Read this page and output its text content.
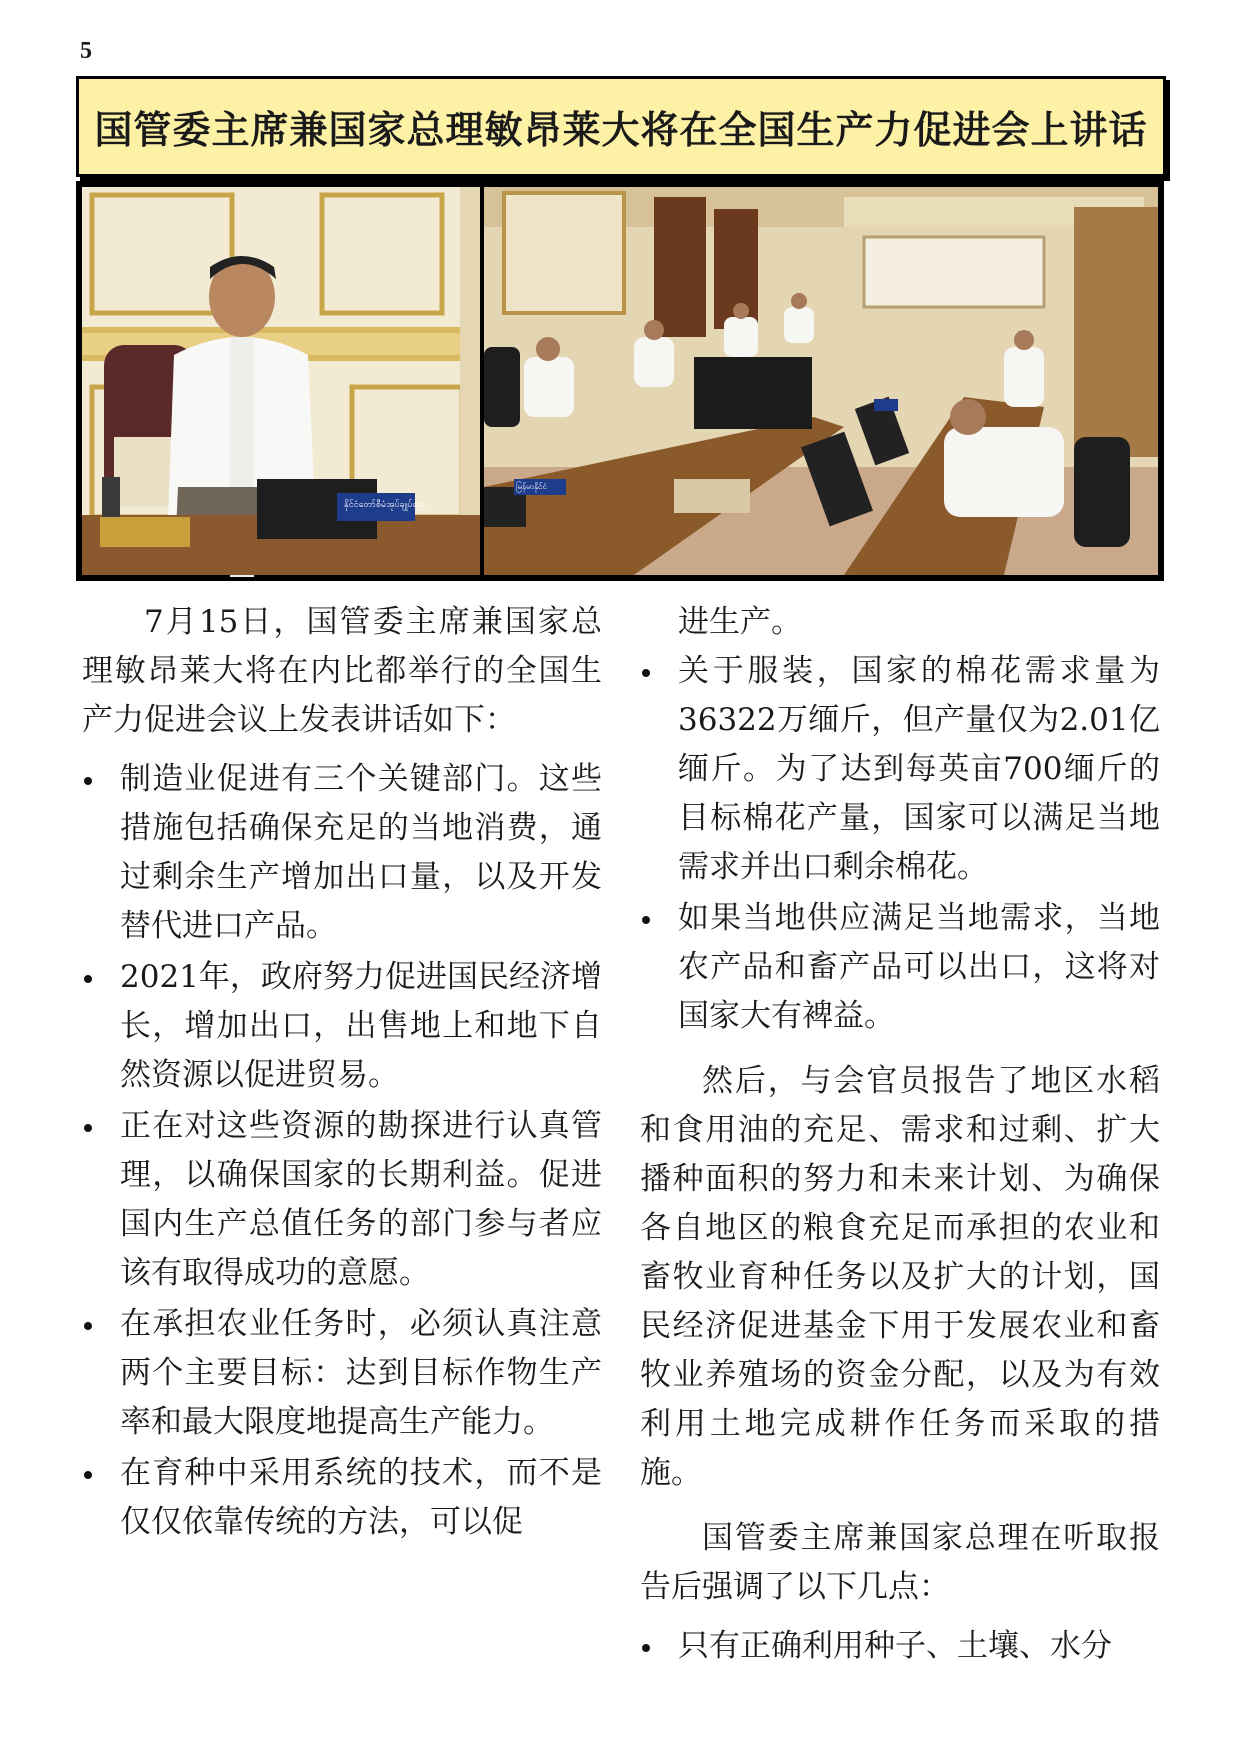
5
国管委主席兼国家总理敏昂莱大将在全国生产力促进会上讲话
နိုင်ငံတော်စီမံအုပ်ချုပ်ရေး
မြန်မာနိုင်ငံ

7月15日，国管委主席兼国家总理敏昂莱大将在内比都举行的全国生产力促进会议上发表讲话如下：

制造业促进有三个关键部门。这些措施包括确保充足的当地消费，通过剩余生产增加出口量，以及开发替代进口产品。
2021年，政府努力促进国民经济增长，增加出口，出售地上和地下自然资源以促进贸易。
正在对这些资源的勘探进行认真管理，以确保国家的长期利益。促进国内生产总值任务的部门参与者应该有取得成功的意愿。
在承担农业任务时，必须认真注意两个主要目标：达到目标作物生产率和最大限度地提高生产能力。
在育种中采用系统的技术，而不是仅仅依靠传统的方法，可以促

进生产。

关于服装，国家的棉花需求量为36322万缅斤，但产量仅为2.01亿缅斤。为了达到每英亩700缅斤的目标棉花产量，国家可以满足当地需求并出口剩余棉花。
如果当地供应满足当地需求，当地农产品和畜产品可以出口，这将对国家大有裨益。

然后，与会官员报告了地区水稻和食用油的充足、需求和过剩、扩大播种面积的努力和未来计划、为确保各自地区的粮食充足而承担的农业和畜牧业育种任务以及扩大的计划，国民经济促进基金下用于发展农业和畜牧业养殖场的资金分配，以及为有效利用土地完成耕作任务而采取的措施。

国管委主席兼国家总理在听取报告后强调了以下几点：

只有正确利用种子、土壤、水分
